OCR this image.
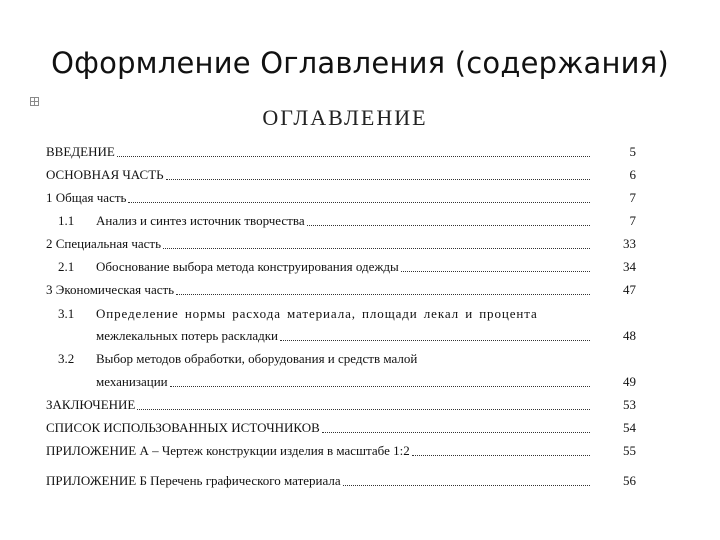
Оформление Оглавления (содержания)
ОГЛАВЛЕНИЕ
ВВЕДЕНИЕ	5
ОСНОВНАЯ ЧАСТЬ	6
1 Общая часть	7
1.1	Анализ и синтез источник творчества	7
2 Специальная часть	33
2.1	Обоснование выбора метода конструирования одежды	34
3 Экономическая часть	47
3.1	Определение нормы расхода материала, площади лекал и процента
межлекальных потерь раскладки	48
3.2	Выбор методов обработки, оборудования и средств малой
механизации	49
ЗАКЛЮЧЕНИЕ	53
СПИСОК ИСПОЛЬЗОВАННЫХ ИСТОЧНИКОВ	54
ПРИЛОЖЕНИЕ А – Чертеж конструкции изделия в масштабе 1:2	55
ПРИЛОЖЕНИЕ Б Перечень графического материала	56
